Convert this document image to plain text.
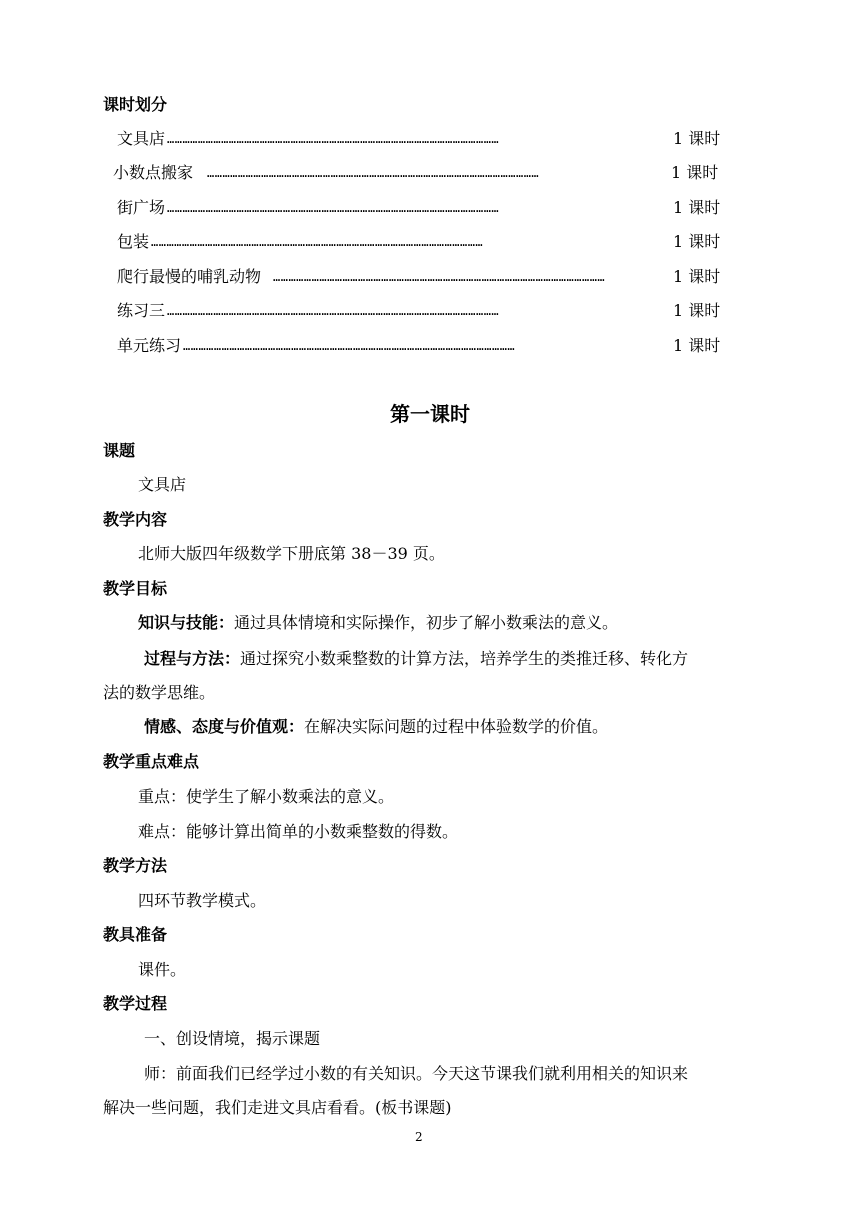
课时划分
文具店 …………………………………………………………………………………………………………………	1 课时
小数点搬家 …………………………………………………………………………………………………………………	1 课时
街广场 …………………………………………………………………………………………………………………	1 课时
包装 …………………………………………………………………………………………………………………	1 课时
爬行最慢的哺乳动物 …………………………………………………………………………………………………………………	1 课时
练习三 …………………………………………………………………………………………………………………	1 课时
单元练习 …………………………………………………………………………………………………………………	1 课时
第一课时
课题
文具店
教学内容
北师大版四年级数学下册底第 38－39 页。
教学目标
知识与技能：通过具体情境和实际操作，初步了解小数乘法的意义。
过程与方法：通过探究小数乘整数的计算方法，培养学生的类推迁移、转化方
法的数学思维。
情感、态度与价值观：在解决实际问题的过程中体验数学的价值。
教学重点难点
重点：使学生了解小数乘法的意义。
难点：能够计算出简单的小数乘整数的得数。
教学方法
四环节教学模式。
教具准备
课件。
教学过程
一、创设情境，揭示课题
师：前面我们已经学过小数的有关知识。今天这节课我们就利用相关的知识来
解决一些问题，我们走进文具店看看。(板书课题)
2
